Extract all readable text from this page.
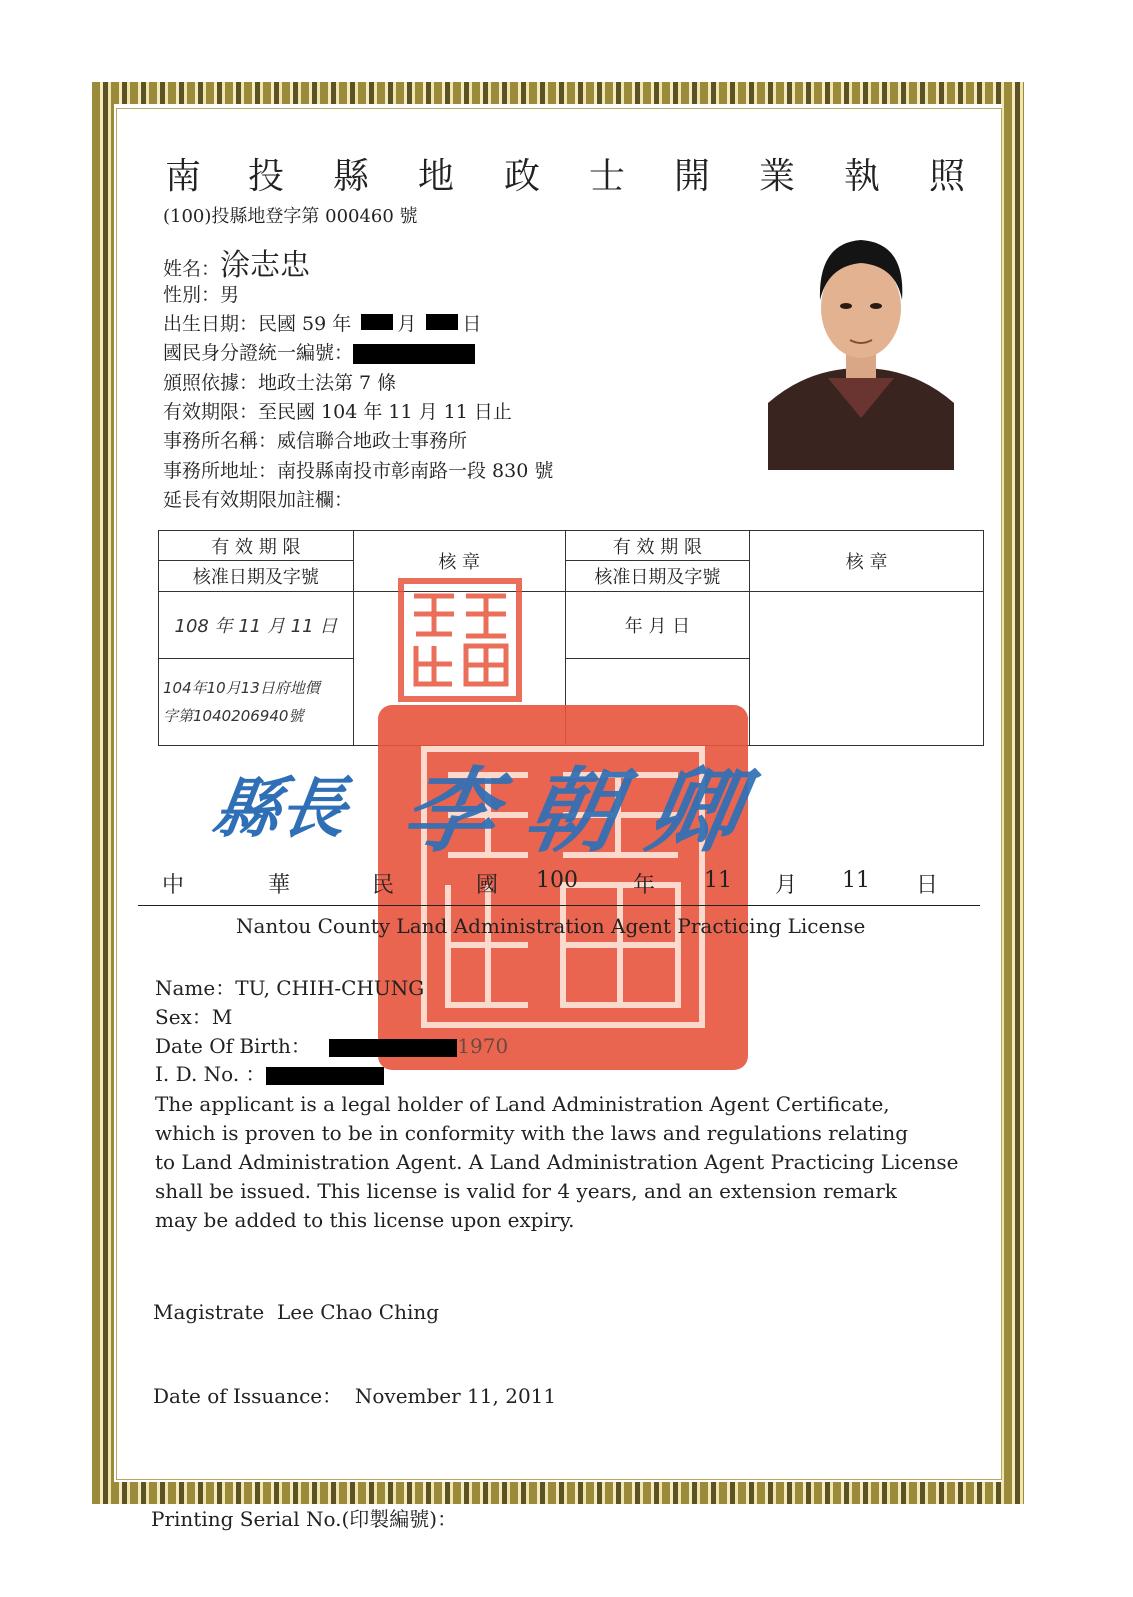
南 投 縣 地 政 士 開 業 執 照
(100)投縣地登字第 000460 號
姓名：涂志忠
性別：男
出生日期：民國 59 年 月 日
國民身分證統一編號：
頒照依據：地政士法第 7 條
有效期限：至民國 104 年 11 月 11 日止
事務所名稱：威信聯合地政士事務所
事務所地址：南投縣南投市彰南路一段 830 號
延長有效期限加註欄：
有 效 期 限	核 章	有 效 期 限	核 章
核准日期及字號		核准日期及字號	
108 年 11 月 11 日		年 月 日	

104年10月13日府地價
字第1040206940號			

縣長 李朝卿
中	華	民	國 100	年 11 月 11 日
Nantou County Land Administration Agent Practicing License
Name：TU, CHIH-CHUNG
Sex：M
Date Of Birth：	1970
I. D. No. ：
The applicant is a legal holder of Land Administration Agent Certificate,
which is proven to be in conformity with the laws and regulations relating
to Land Administration Agent. A Land Administration Agent Practicing License
shall be issued. This license is valid for 4 years, and an extension remark
may be added to this license upon expiry.
Magistrate  Lee Chao Ching
Date of Issuance：  November 11, 2011
Printing Serial No.(印製編號)：
